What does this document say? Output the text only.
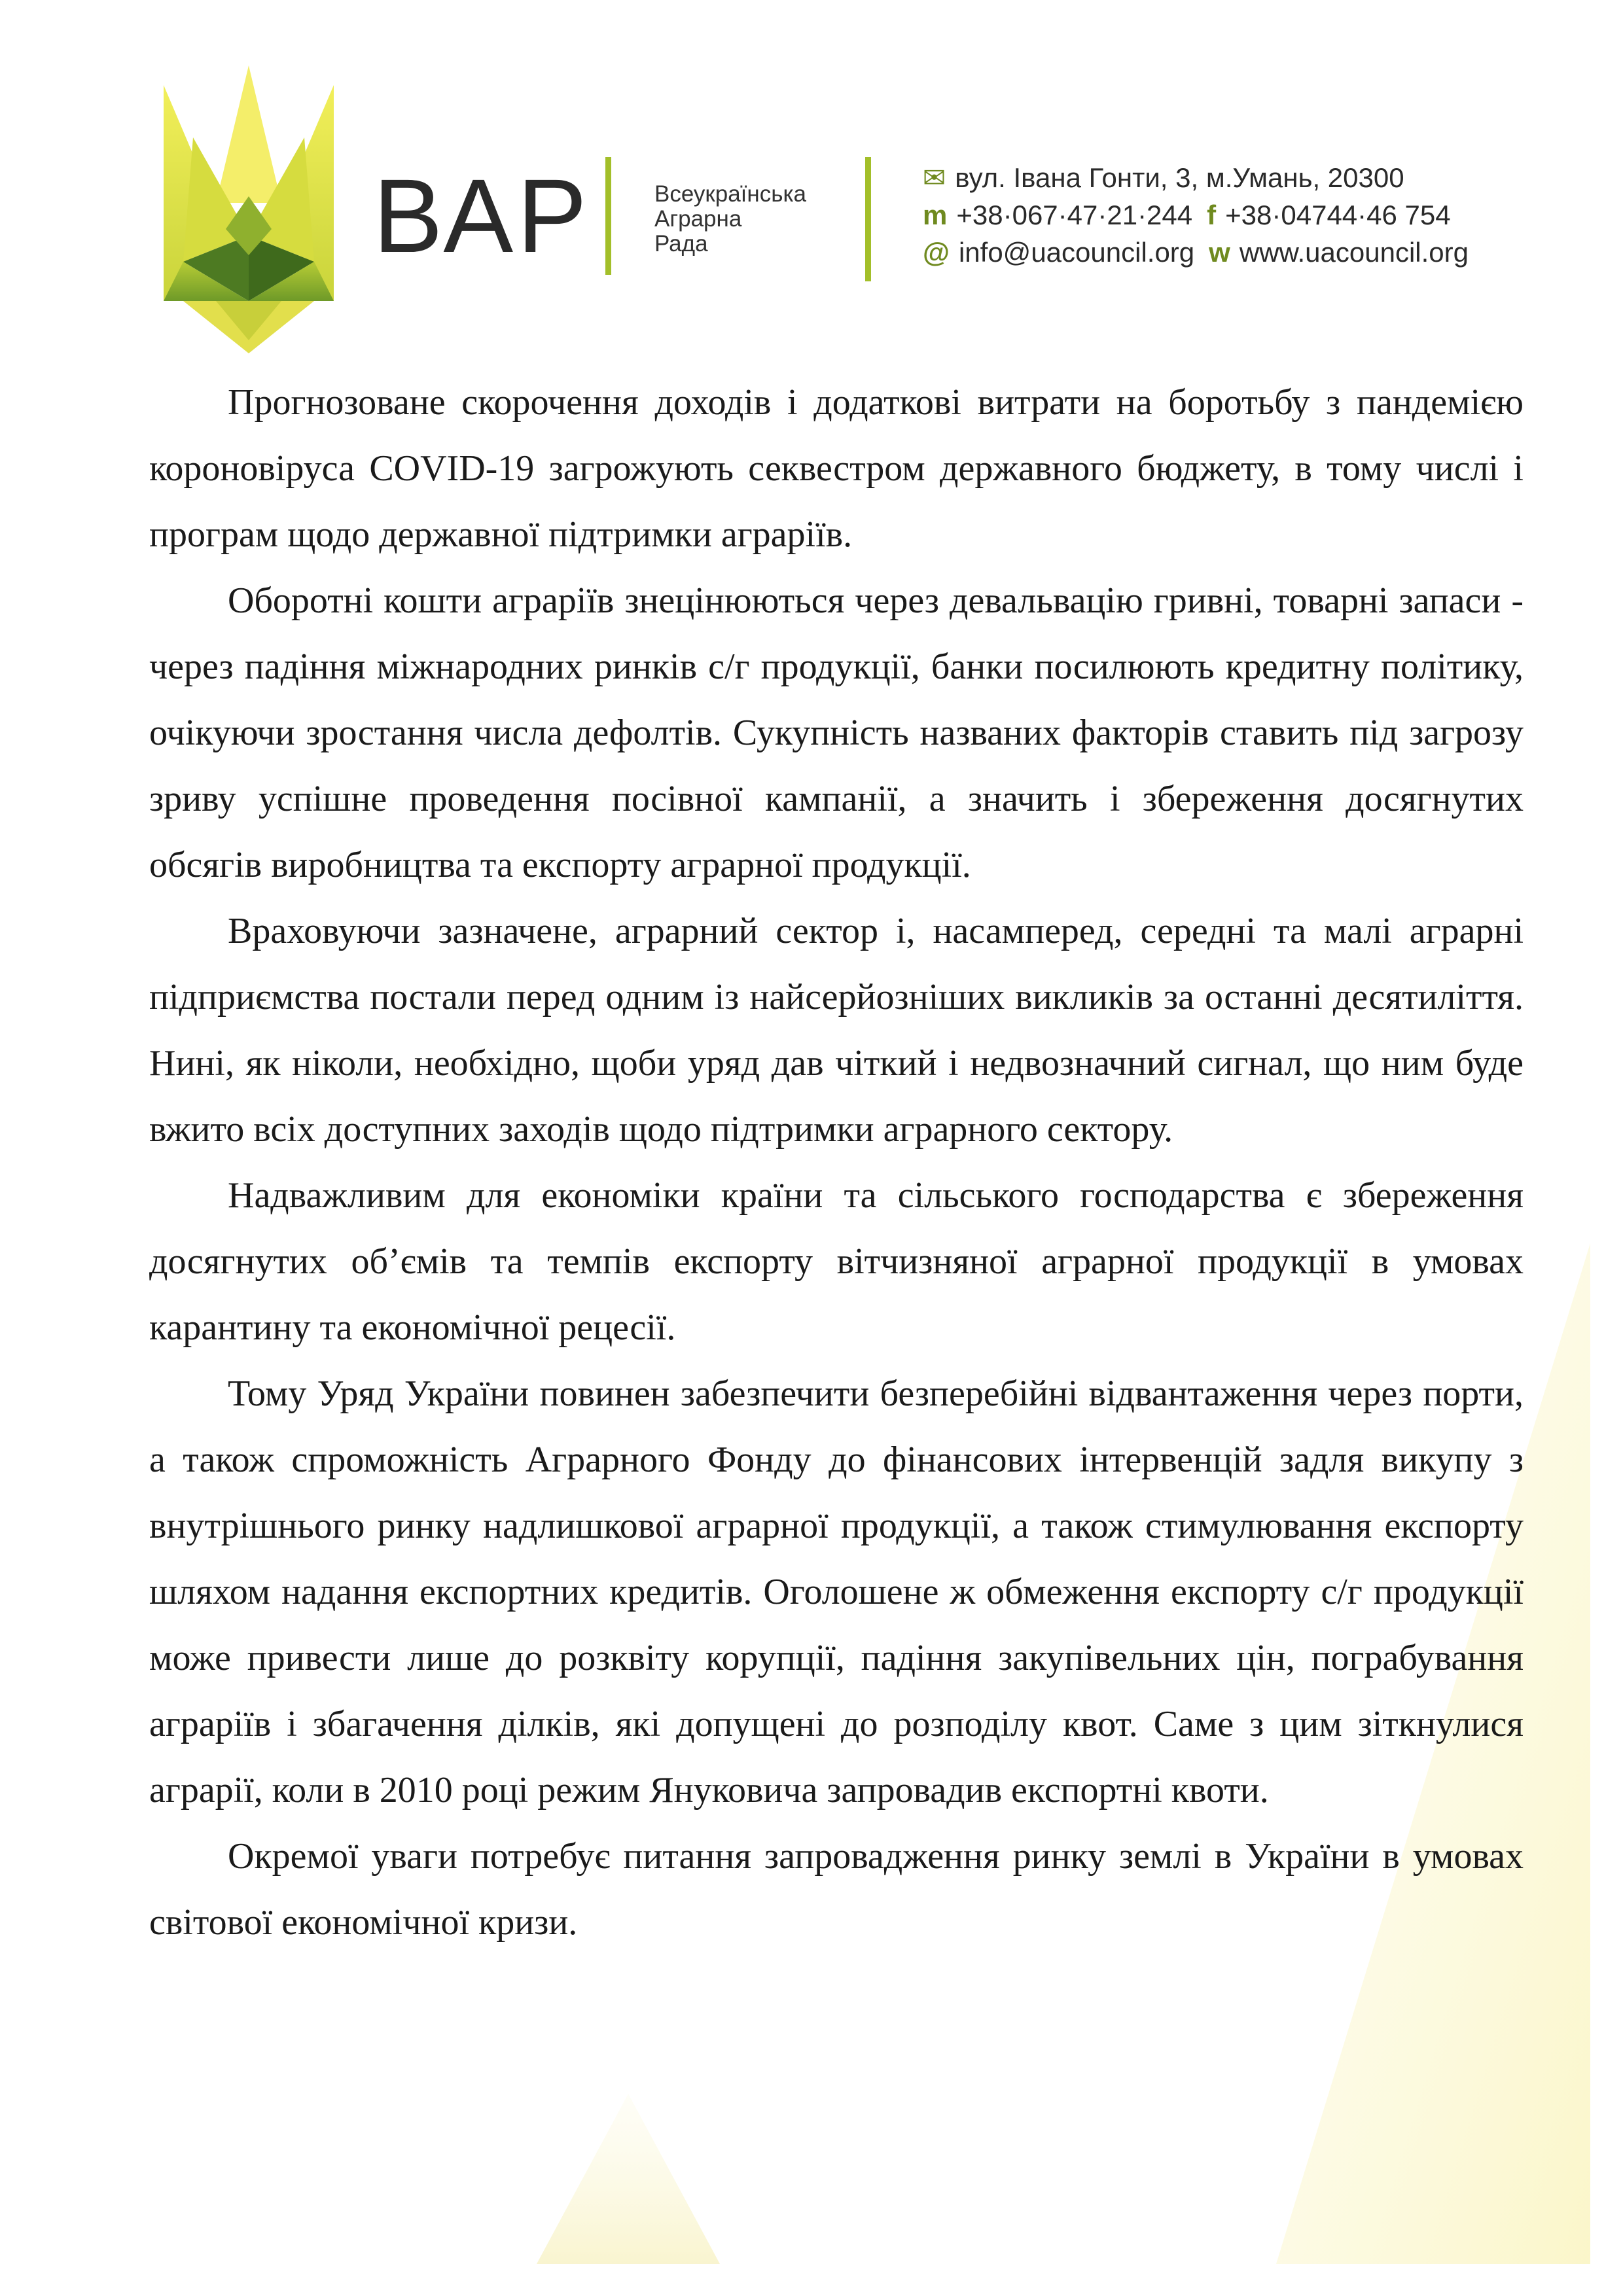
ВАР	Всеукраїнська
Аграрна
Рада
✉ вул. Івана Гонти, 3, м.Умань, 20300
m +38·067·47·21·244 f +38·04744·46 754
@ info@uacouncil.org w www.uacouncil.org

Прогнозоване скорочення доходів і додаткові витрати на боротьбу з пандемією короновіруса COVID-19 загрожують секвестром державного бюджету, в тому числі і програм щодо державної підтримки аграріїв.

Оборотні кошти аграріїв знецінюються через девальвацію гривні, товарні запаси - через падіння міжнародних ринків с/г продукції, банки посилюють кредитну політику, очікуючи зростання числа дефолтів. Сукупність названих факторів ставить під загрозу зриву успішне проведення посівної кампанії, а значить і збереження досягнутих обсягів виробництва та експорту аграрної продукції.

Враховуючи зазначене, аграрний сектор і, насамперед, середні та малі аграрні підприємства постали перед одним із найсерйозніших викликів за останні десятиліття. Нині, як ніколи, необхідно, щоби уряд дав чіткий і недвозначний сигнал, що ним буде вжито всіх доступних заходів щодо підтримки аграрного сектору.

Надважливим для економіки країни та сільського господарства є збереження досягнутих об’ємів та темпів експорту вітчизняної аграрної продукції в умовах карантину та економічної рецесії.

Тому Уряд України повинен забезпечити безперебійні відвантаження через порти, а також спроможність Аграрного Фонду до фінансових інтервенцій задля викупу з внутрішнього ринку надлишкової аграрної продукції, а також стимулювання експорту шляхом надання експортних кредитів. Оголошене ж обмеження експорту с/г продукції може привести лише до розквіту корупції, падіння закупівельних цін, пограбування аграріїв і збагачення ділків, які допущені до розподілу квот. Саме з цим зіткнулися аграрії, коли в 2010 році режим Януковича запровадив експортні квоти.

Окремої уваги потребує питання запровадження ринку землі в України в умовах світової економічної кризи.
